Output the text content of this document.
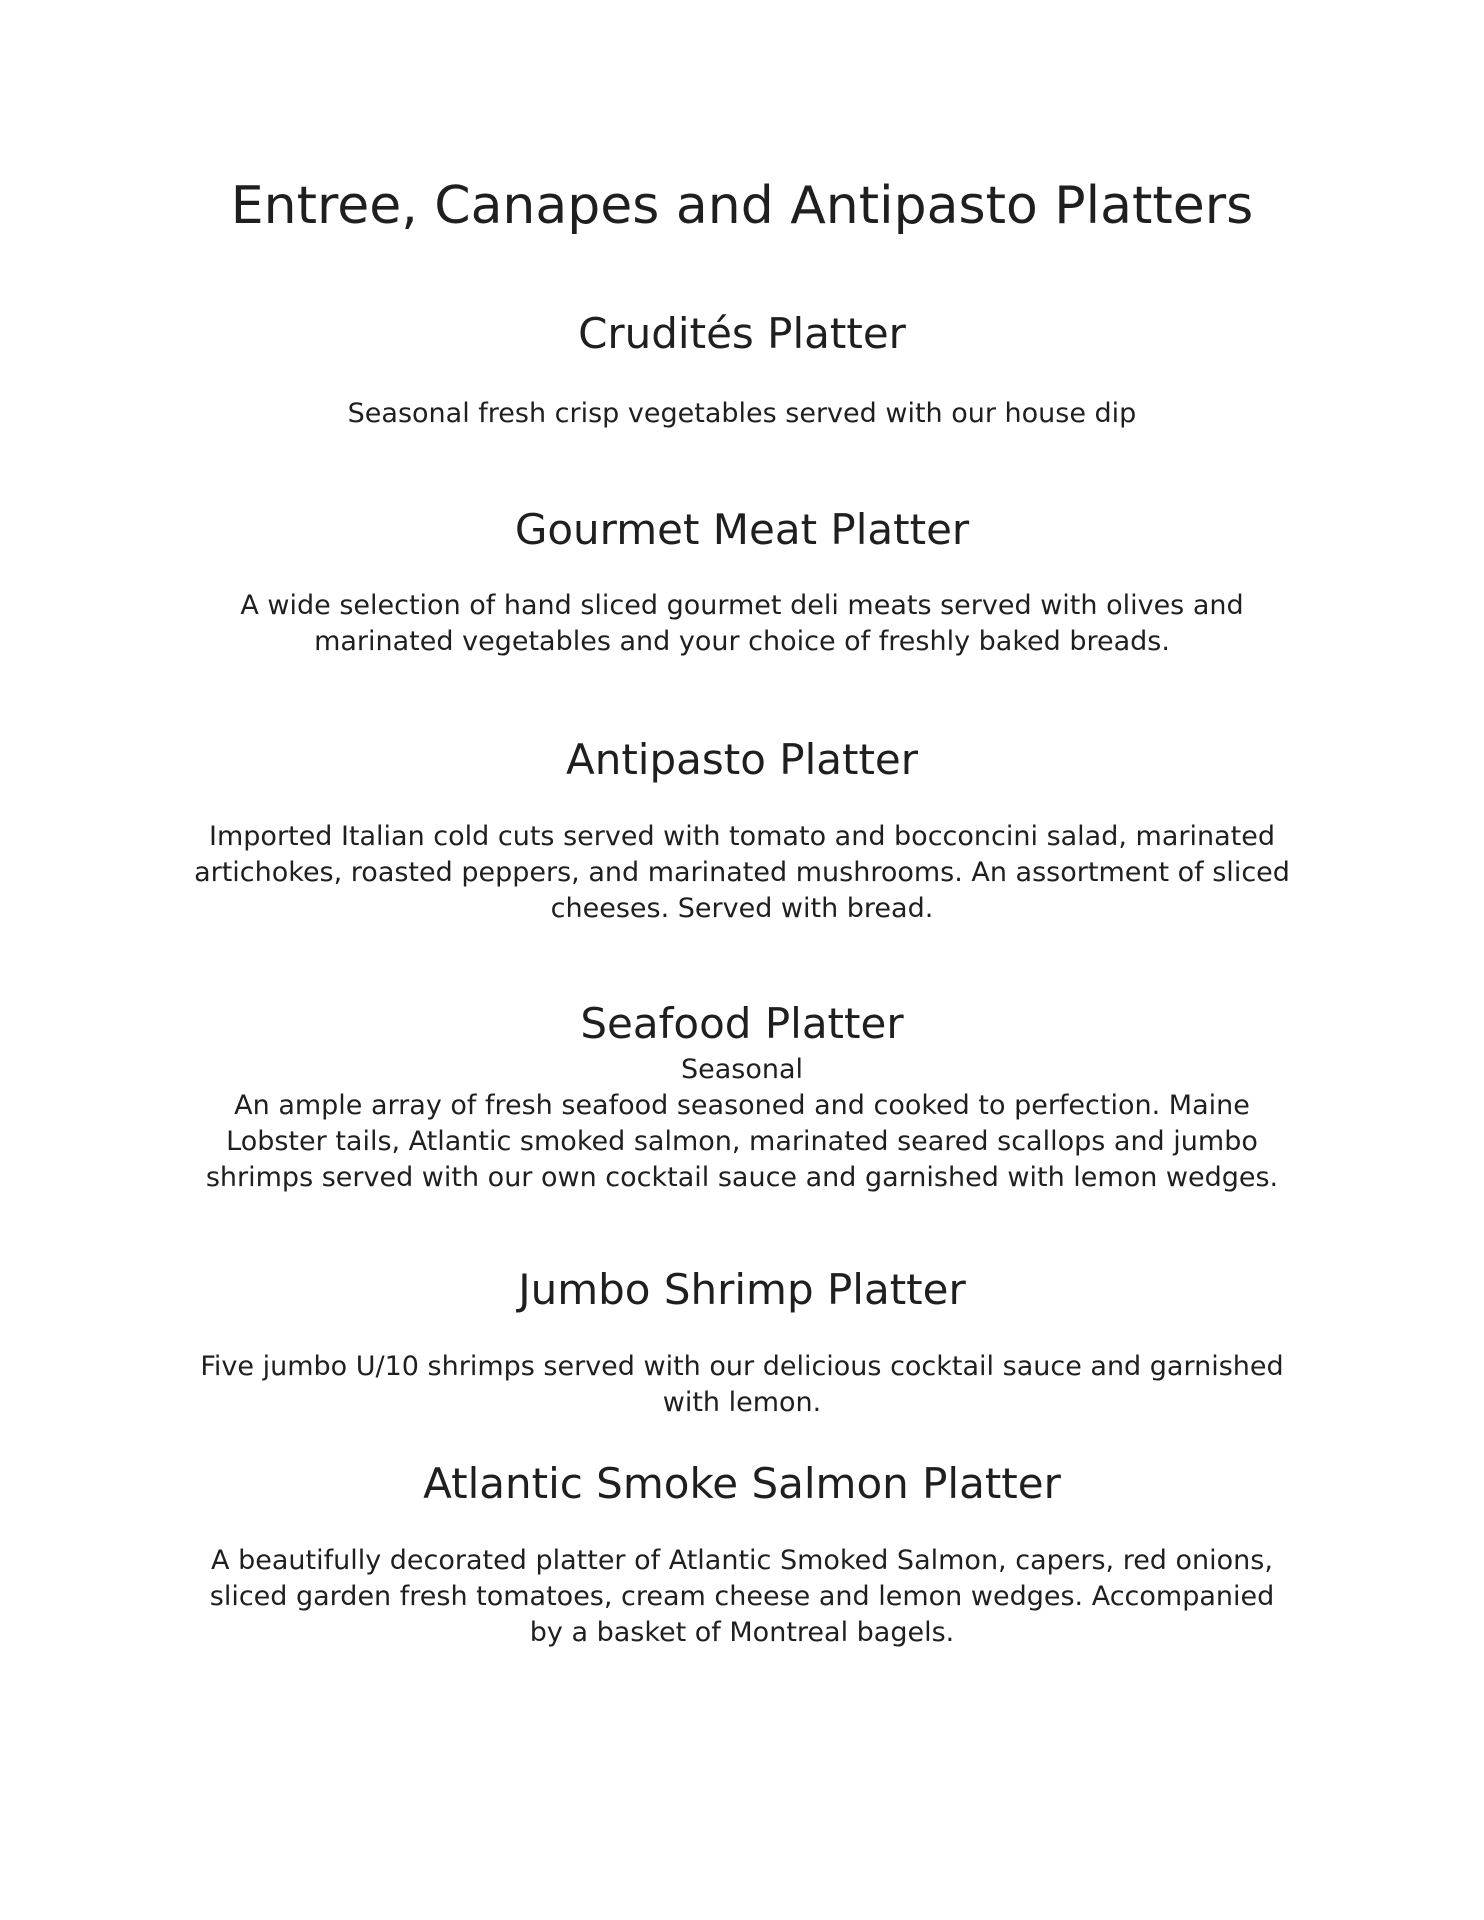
Entree, Canapes and Antipasto Platters
Crudités Platter
Seasonal fresh crisp vegetables served with our house dip
Gourmet Meat Platter
A wide selection of hand sliced gourmet deli meats served with olives and
marinated vegetables and your choice of freshly baked breads.
Antipasto Platter
Imported Italian cold cuts served with tomato and bocconcini salad, marinated
artichokes, roasted peppers, and marinated mushrooms. An assortment of sliced
cheeses. Served with bread.
Seafood Platter
Seasonal
An ample array of fresh seafood seasoned and cooked to perfection. Maine
Lobster tails, Atlantic smoked salmon, marinated seared scallops and jumbo
shrimps served with our own cocktail sauce and garnished with lemon wedges.
Jumbo Shrimp Platter
Five jumbo U/10 shrimps served with our delicious cocktail sauce and garnished
with lemon.
Atlantic Smoke Salmon Platter
A beautifully decorated platter of Atlantic Smoked Salmon, capers, red onions,
sliced garden fresh tomatoes, cream cheese and lemon wedges. Accompanied
by a basket of Montreal bagels.
